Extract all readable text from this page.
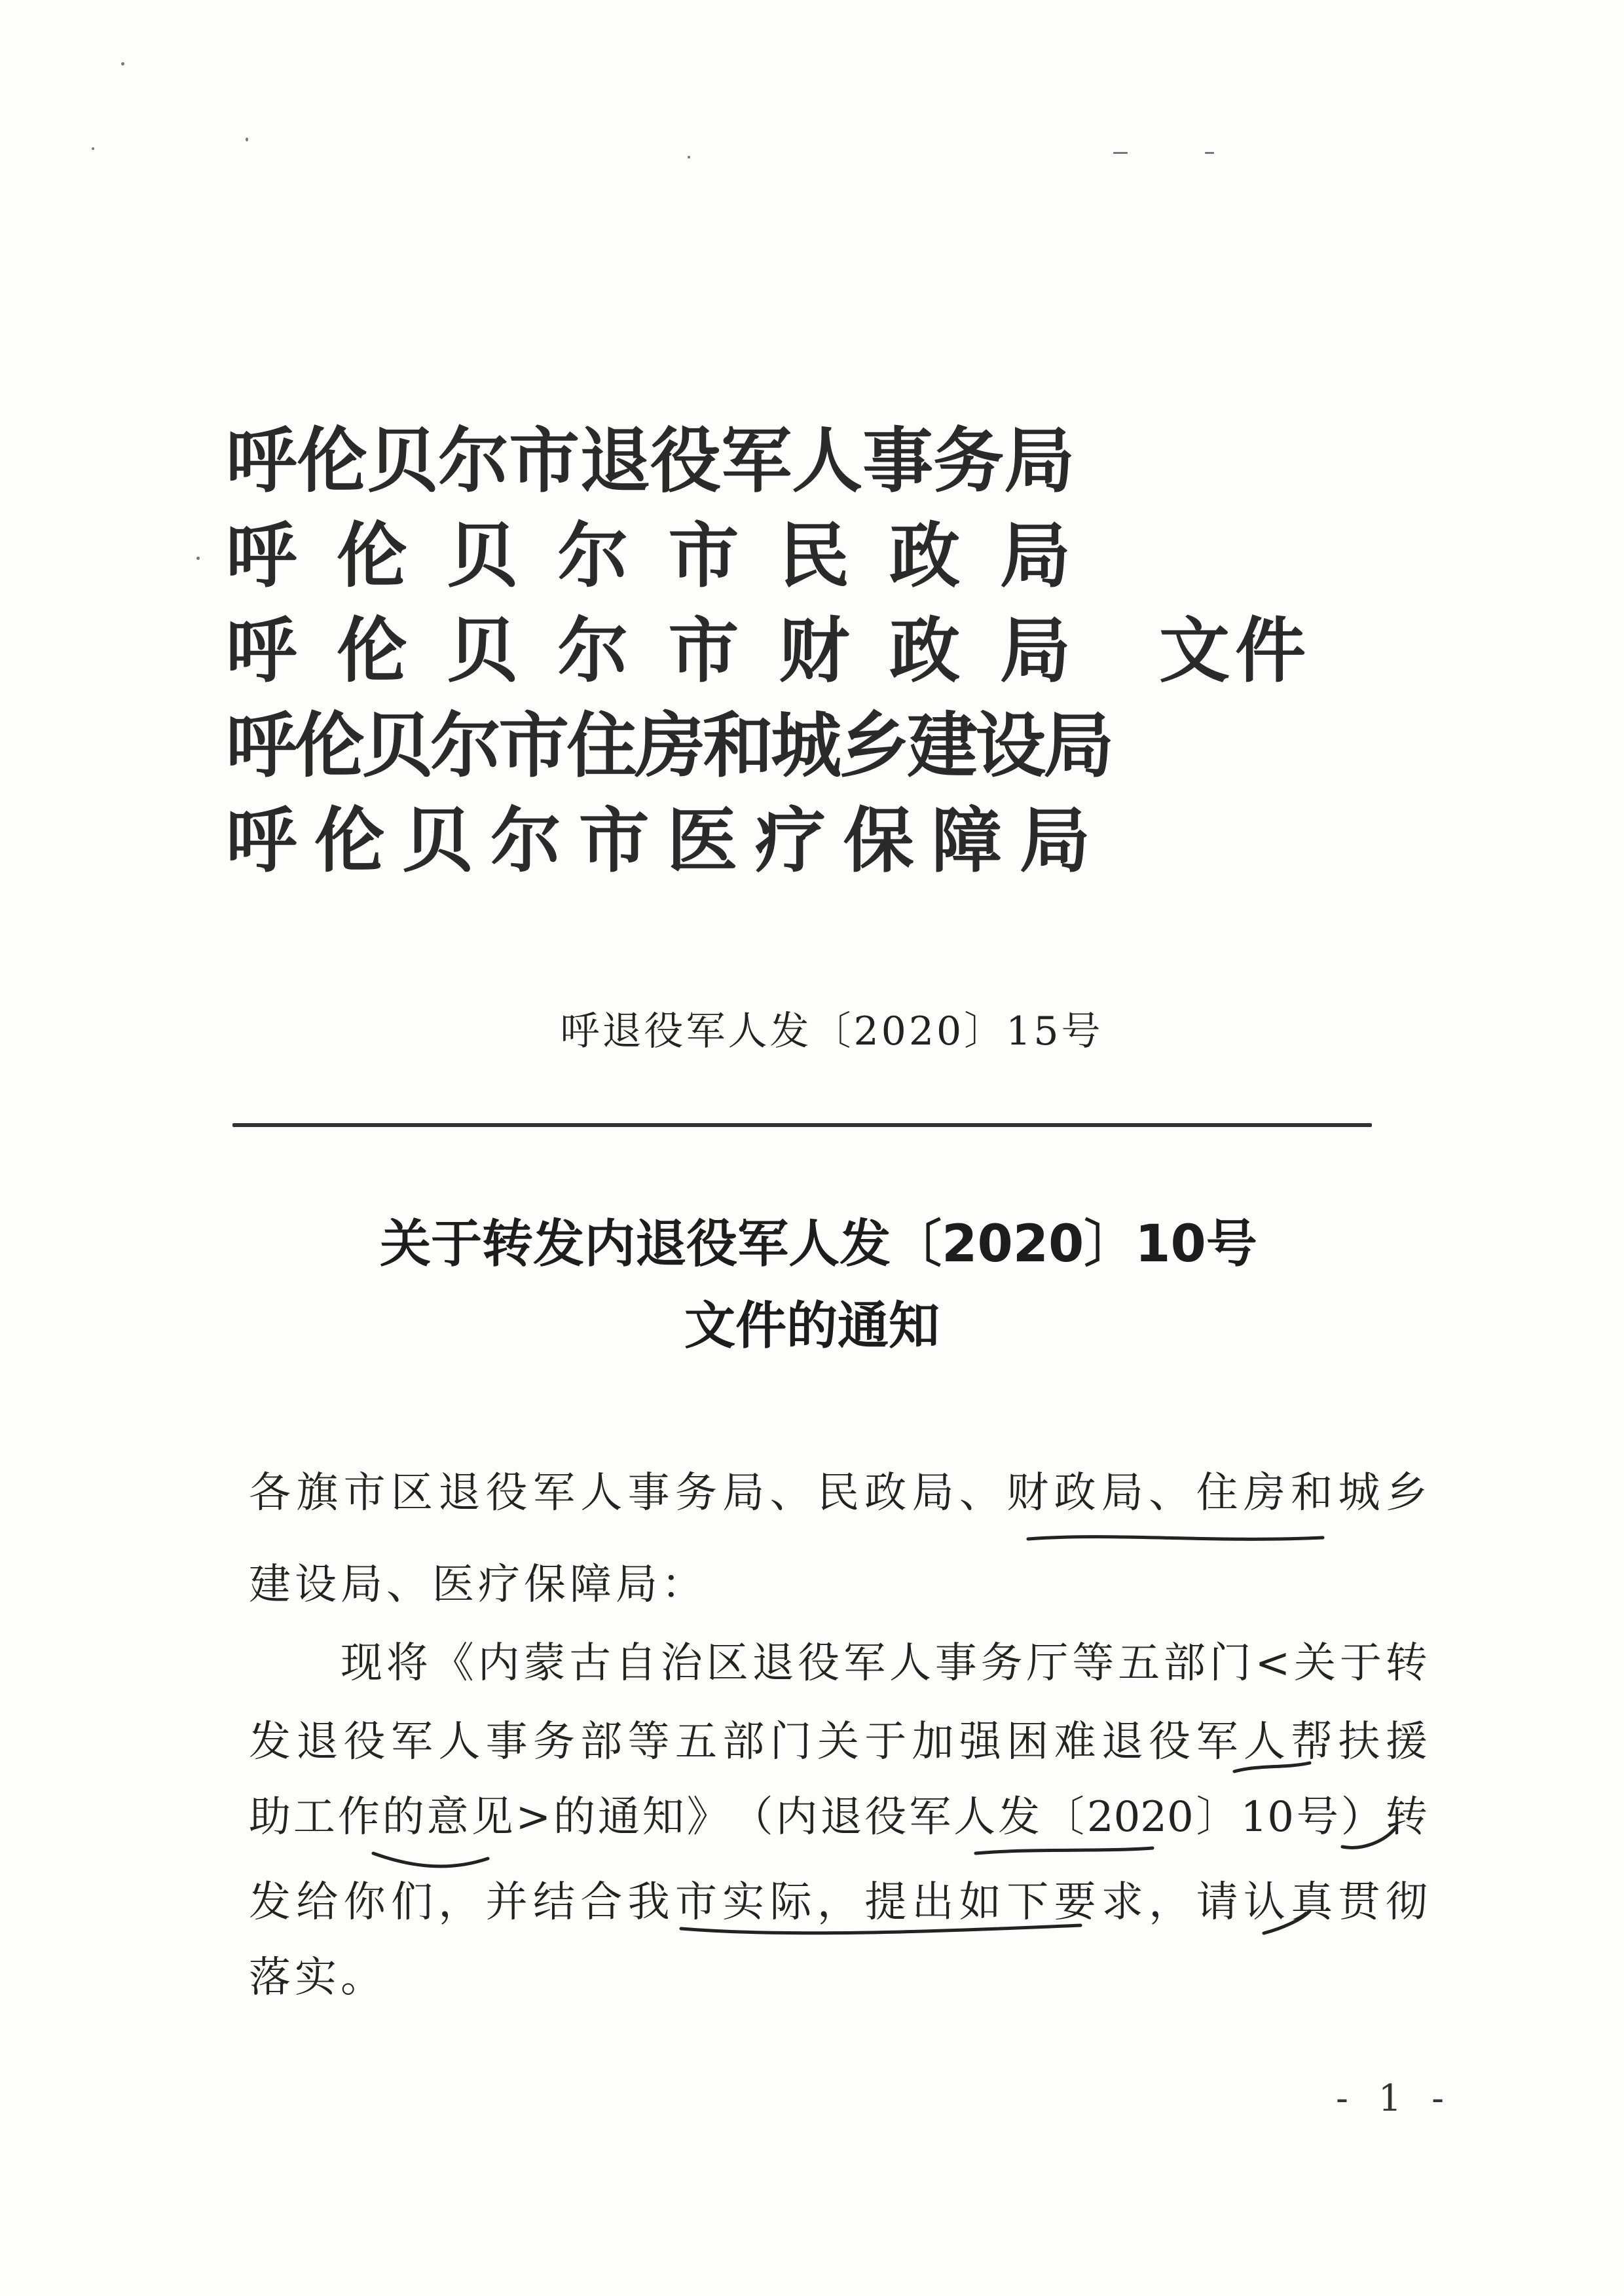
呼 伦 贝 尔 市 退 役 军 人 事 务 局
呼 伦 贝 尔 市 民 政 局
呼 伦 贝 尔 市 财 政 局
呼 伦 贝 尔 市 住 房 和 城 乡 建 设 局
呼 伦 贝 尔 市 医 疗 保 障 局
文件
呼退役军人发〔2020〕15号
关于转发内退役军人发〔2020〕10号
文件的通知
各 旗 市 区 退 役 军 人 事 务 局 、 民 政 局 、 财 政 局 、 住 房 和 城 乡
建设局、医疗保障局：
现 将 《 内 蒙 古 自 治 区 退 役 军 人 事 务 厅 等 五 部 门 < 关 于 转
发 退 役 军 人 事 务 部 等 五 部 门 关 于 加 强 困 难 退 役 军 人 帮 扶 援
助 工 作 的 意 见 > 的 通 知 》 （ 内 退 役 军 人 发 〔 2020 〕 10 号 ） 转
发 给 你 们 ， 并 结 合 我 市 实 际 ， 提 出 如 下 要 求 ， 请 认 真 贯 彻
落实。
- 1 -
